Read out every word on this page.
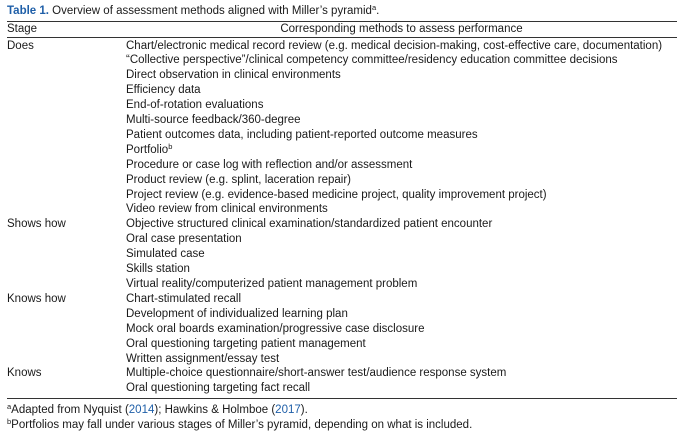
Table 1. Overview of assessment methods aligned with Miller’s pyramid$^a$.
Stage	Corresponding methods to assess performance
Does	Chart/electronic medical record review (e.g. medical decision-making, cost-effective care, documentation)
“Collective perspective”/clinical competency committee/residency education committee decisions
Direct observation in clinical environments
Efficiency data
End-of-rotation evaluations
Multi-source feedback/360-degree
Patient outcomes data, including patient-reported outcome measures
Portfolio$^b$
Procedure or case log with reflection and/or assessment
Product review (e.g. splint, laceration repair)
Project review (e.g. evidence-based medicine project, quality improvement project)
Video review from clinical environments
Shows how	Objective structured clinical examination/standardized patient encounter
Oral case presentation
Simulated case
Skills station
Virtual reality/computerized patient management problem
Knows how	Chart-stimulated recall
Development of individualized learning plan
Mock oral boards examination/progressive case disclosure
Oral questioning targeting patient management
Written assignment/essay test
Knows	Multiple-choice questionnaire/short-answer test/audience response system
Oral questioning targeting fact recall
$^a$Adapted from Nyquist (2014); Hawkins & Holmboe (2017).
$^b$Portfolios may fall under various stages of Miller’s pyramid, depending on what is included.
